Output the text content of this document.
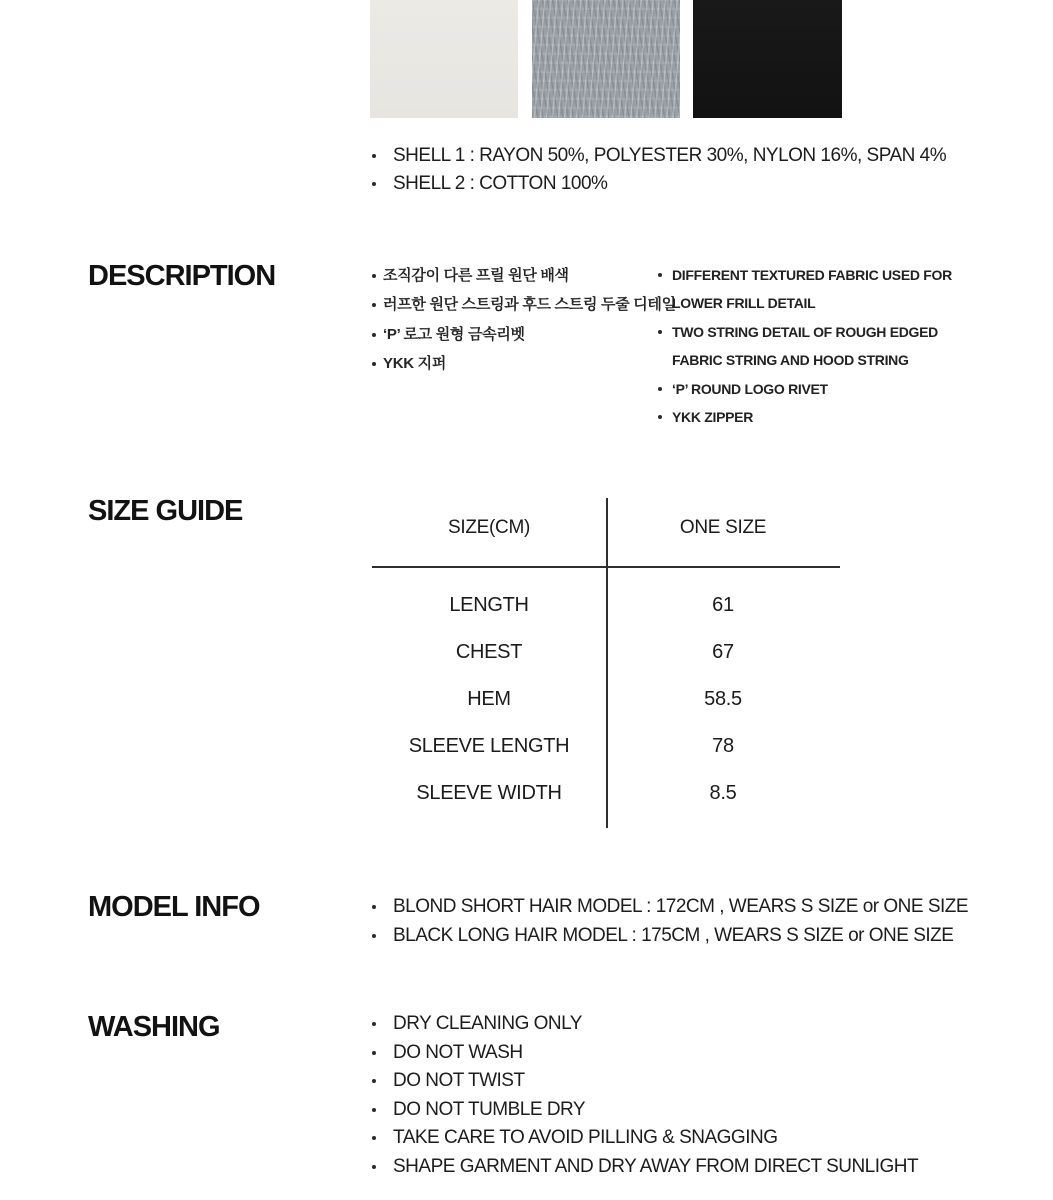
SHELL 1 : RAYON 50%, POLYESTER 30%, NYLON 16%, SPAN 4%
SHELL 2 : COTTON 100%
DESCRIPTION	조직감이 다른 프릴 원단 배색
러프한 원단 스트링과 후드 스트링 두줄 디테일
‘P’ 로고 원형 금속리벳
YKK 지퍼
DIFFERENT TEXTURED FABRIC USED FOR
LOWER FRILL DETAIL
TWO STRING DETAIL OF ROUGH EDGED
FABRIC STRING AND HOOD STRING
‘P’ ROUND LOGO RIVET
YKK ZIPPER
SIZE GUIDE
SIZE(CM)	ONE SIZE
LENGTH	61
CHEST	67
HEM	58.5
SLEEVE LENGTH	78
SLEEVE WIDTH	8.5
MODEL INFO	BLOND SHORT HAIR MODEL : 172CM , WEARS S SIZE or ONE SIZE
BLACK LONG HAIR MODEL : 175CM , WEARS S SIZE or ONE SIZE
WASHING	DRY CLEANING ONLY
DO NOT WASH
DO NOT TWIST
DO NOT TUMBLE DRY
TAKE CARE TO AVOID PILLING & SNAGGING
SHAPE GARMENT AND DRY AWAY FROM DIRECT SUNLIGHT
